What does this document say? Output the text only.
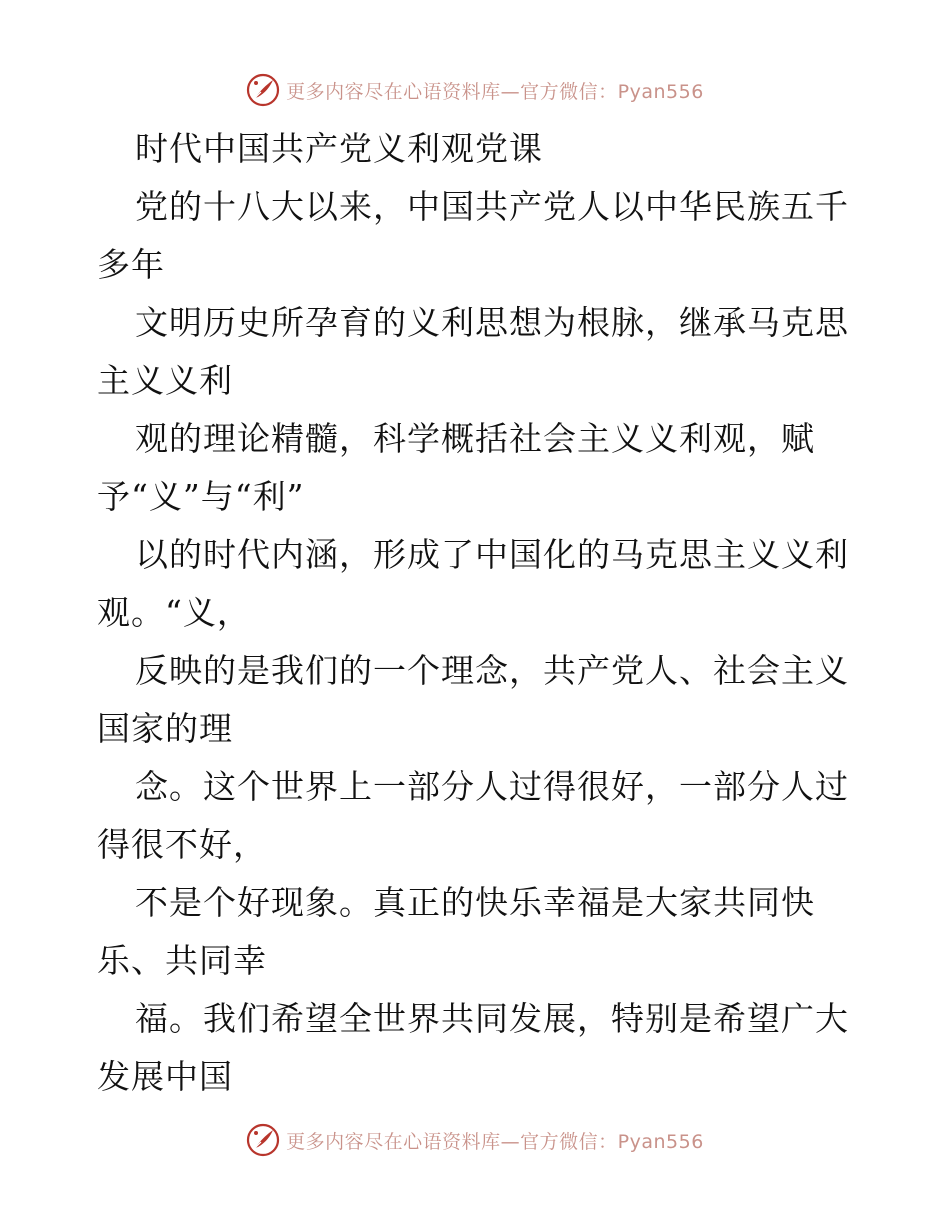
更多内容尽在心语资料库—官方微信：Pyan556
时代中国共产党义利观党课
党的十八大以来，中国共产党人以中华民族五千
多年
文明历史所孕育的义利思想为根脉，继承马克思
主义义利
观的理论精髓，科学概括社会主义义利观，赋
予“义”与“利”
以的时代内涵，形成了中国化的马克思主义义利
观。“义，
反映的是我们的一个理念，共产党人、社会主义
国家的理
念。这个世界上一部分人过得很好，一部分人过
得很不好，
不是个好现象。真正的快乐幸福是大家共同快
乐、共同幸
福。我们希望全世界共同发展，特别是希望广大
发展中国
更多内容尽在心语资料库—官方微信：Pyan556
